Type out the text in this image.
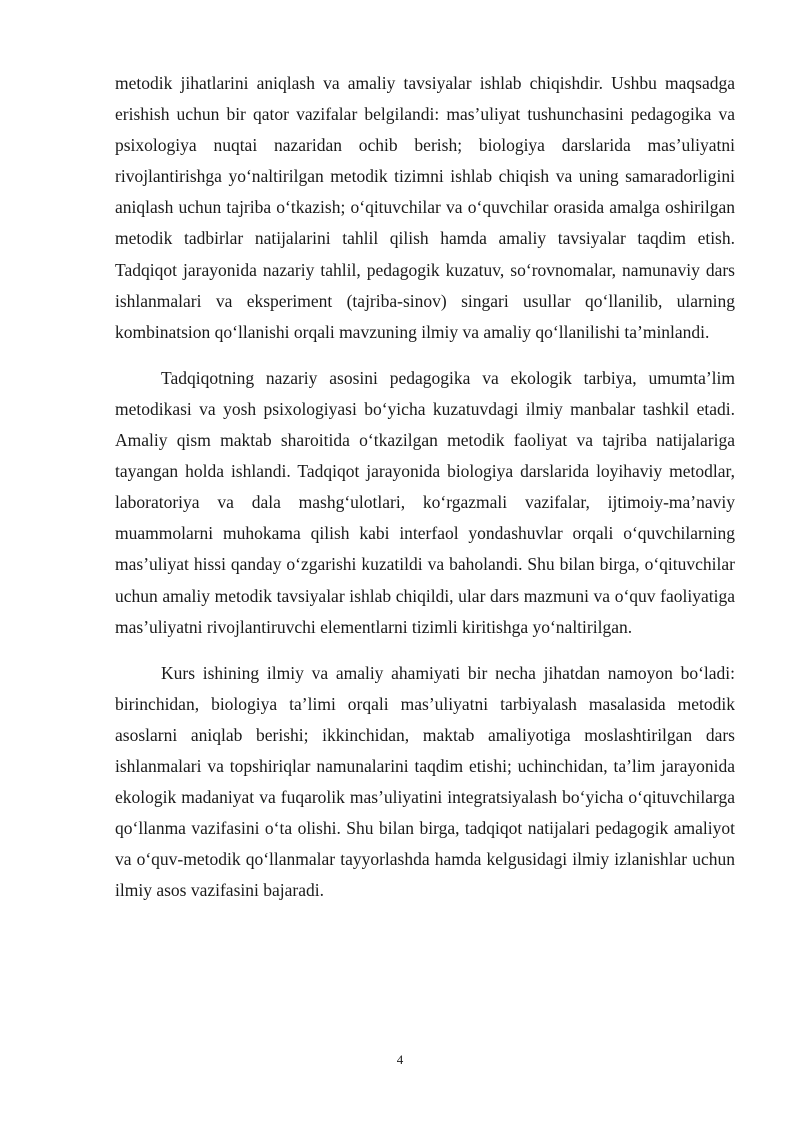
metodik jihatlarini aniqlash va amaliy tavsiyalar ishlab chiqishdir. Ushbu maqsadga erishish uchun bir qator vazifalar belgilandi: mas’uliyat tushunchasini pedagogika va psixologiya nuqtai nazaridan ochib berish; biologiya darslarida mas’uliyatni rivojlantirishga yo‘naltirilgan metodik tizimni ishlab chiqish va uning samaradorligini aniqlash uchun tajriba o‘tkazish; o‘qituvchilar va o‘quvchilar orasida amalga oshirilgan metodik tadbirlar natijalarini tahlil qilish hamda amaliy tavsiyalar taqdim etish. Tadqiqot jarayonida nazariy tahlil, pedagogik kuzatuv, so‘rovnomalar, namunaviy dars ishlanmalari va eksperiment (tajriba-sinov) singari usullar qo‘llanilib, ularning kombinatsion qo‘llanishi orqali mavzuning ilmiy va amaliy qo‘llanilishi ta’minlandi.

Tadqiqotning nazariy asosini pedagogika va ekologik tarbiya, umumta’lim metodikasi va yosh psixologiyasi bo‘yicha kuzatuvdagi ilmiy manbalar tashkil etadi. Amaliy qism maktab sharoitida o‘tkazilgan metodik faoliyat va tajriba natijalariga tayangan holda ishlandi. Tadqiqot jarayonida biologiya darslarida loyihaviy metodlar, laboratoriya va dala mashg‘ulotlari, ko‘rgazmali vazifalar, ijtimoiy-ma’naviy muammolarni muhokama qilish kabi interfaol yondashuvlar orqali o‘quvchilarning mas’uliyat hissi qanday o‘zgarishi kuzatildi va baholandi. Shu bilan birga, o‘qituvchilar uchun amaliy metodik tavsiyalar ishlab chiqildi, ular dars mazmuni va o‘quv faoliyatiga mas’uliyatni rivojlantiruvchi elementlarni tizimli kiritishga yo‘naltirilgan.

Kurs ishining ilmiy va amaliy ahamiyati bir necha jihatdan namoyon bo‘ladi: birinchidan, biologiya ta’limi orqali mas’uliyatni tarbiyalash masalasida metodik asoslarni aniqlab berishi; ikkinchidan, maktab amaliyotiga moslashtirilgan dars ishlanmalari va topshiriqlar namunalarini taqdim etishi; uchinchidan, ta’lim jarayonida ekologik madaniyat va fuqarolik mas’uliyatini integratsiyalash bo‘yicha o‘qituvchilarga qo‘llanma vazifasini o‘ta olishi. Shu bilan birga, tadqiqot natijalari pedagogik amaliyot va o‘quv-metodik qo‘llanmalar tayyorlashda hamda kelgusidagi ilmiy izlanishlar uchun ilmiy asos vazifasini bajaradi.

4
